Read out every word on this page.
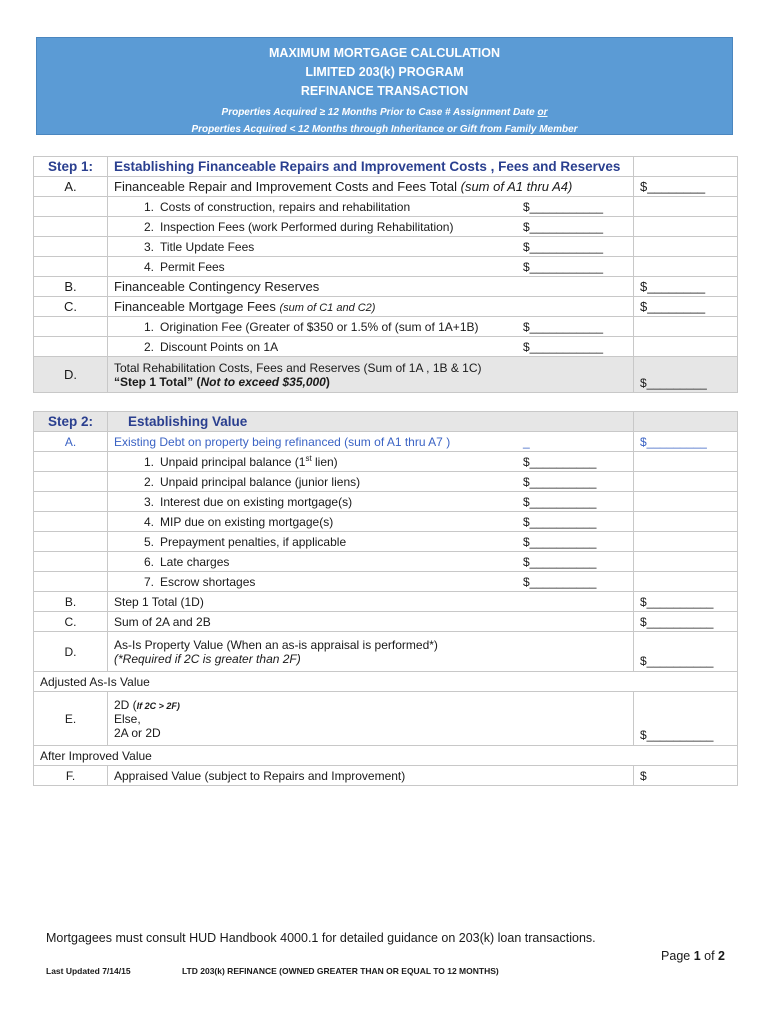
MAXIMUM MORTGAGE CALCULATION
LIMITED 203(k) PROGRAM
REFINANCE TRANSACTION
Properties Acquired ≥ 12 Months Prior to Case # Assignment Date or
Properties Acquired < 12 Months through Inheritance or Gift from Family Member
Step 1:	Establishing Financeable Repairs and Improvement Costs , Fees and Reserves	
A.	Financeable Repair and Improvement Costs and Fees Total (sum of A1 thru A4)	$________

	1. Costs of construction, repairs and rehabilitation $___________	

	2. Inspection Fees (work Performed during Rehabilitation) $___________	

	3. Title Update Fees $___________	

	4. Permit Fees $___________	

B.	Financeable Contingency Reserves	$________
C.	Financeable Mortgage Fees (sum of C1 and C2)	$________

	1. Origination Fee (Greater of $350 or 1.5% of (sum of 1A+1B) $___________	

	2. Discount Points on 1A $___________	

D.	Total Rehabilitation Costs, Fees and Reserves (Sum of 1A , 1B & 1C)
“Step 1 Total” (Not to exceed $35,000)	$_________
Step 2:	Establishing Value	
A.	Existing Debt on property being refinanced (sum of A1 thru A7 ) _	$_________

	1. Unpaid principal balance (1st lien) $__________	

	2. Unpaid principal balance (junior liens) $__________	

	3. Interest due on existing mortgage(s) $__________	

	4. MIP due on existing mortgage(s) $__________	

	5. Prepayment penalties, if applicable $__________	

	6. Late charges $__________	

	7. Escrow shortages $__________	

B.	Step 1 Total (1D)	$__________
C.	Sum of 2A and 2B	$__________
D.	As-Is Property Value (When an as-is appraisal is performed*)
(*Required if 2C is greater than 2F)	$__________
Adjusted As-Is Value		
E.	2D (If 2C > 2F)
Else,
2A or 2D	$__________
After Improved Value		
F.	Appraised Value (subject to Repairs and Improvement)	$
Mortgagees must consult HUD Handbook 4000.1 for detailed guidance on 203(k) loan transactions.
Page 1 of 2
Last Updated 7/14/15	LTD 203(k) REFINANCE (OWNED GREATER THAN OR EQUAL TO 12 MONTHS)
